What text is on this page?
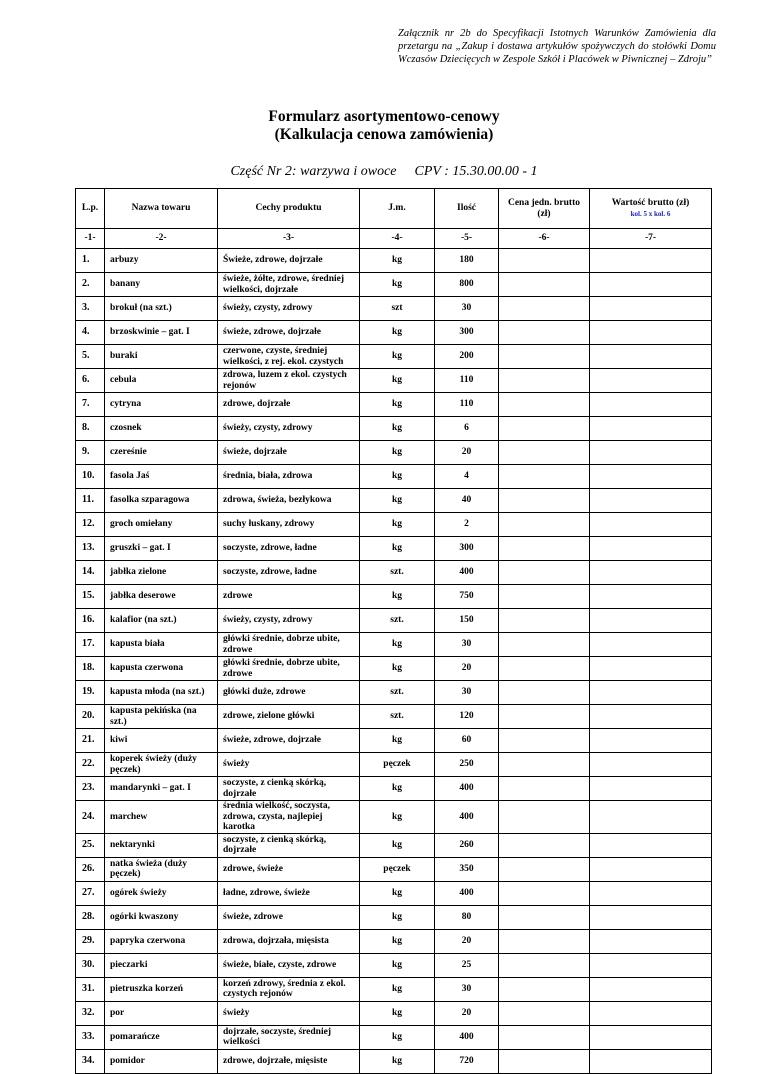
Załącznik nr 2b do Specyfikacji Istotnych Warunków Zamówienia dla przetargu na „Zakup i dostawa artykułów spożywczych do stołówki Domu Wczasów Dziecięcych w Zespole Szkół i Placówek w Piwnicznej – Zdroju”
Formularz asortymentowo-cenowy
(Kalkulacja cenowa zamówienia)
Część Nr 2: warzywa i owoce CPV : 15.30.00.00 - 1
L.p.	Nazwa towaru	Cechy produktu	J.m.	Ilość	Cena jedn. brutto (zł)	Wartość brutto (zł)
kol. 5 x kol. 6

-1-	-2-	-3-	-4-	-5-	-6-	-7-
1.	arbuzy	Świeże, zdrowe, dojrzałe	kg	180		
2.	banany	świeże, żółte, zdrowe, średniej wielkości, dojrzałe	kg	800		
3.	brokuł (na szt.)	świeży, czysty, zdrowy	szt	30		
4.	brzoskwinie – gat. I	świeże, zdrowe, dojrzałe	kg	300		
5.	buraki	czerwone, czyste, średniej wielkości, z rej. ekol. czystych	kg	200		
6.	cebula	zdrowa, luzem z ekol. czystych rejonów	kg	110		
7.	cytryna	zdrowe, dojrzałe	kg	110		
8.	czosnek	świeży, czysty, zdrowy	kg	6		
9.	czereśnie	świeże, dojrzałe	kg	20		
10.	fasola Jaś	średnia, biała, zdrowa	kg	4		
11.	fasolka szparagowa	zdrowa, świeża, bezłykowa	kg	40		
12.	groch omiełany	suchy łuskany, zdrowy	kg	2		
13.	gruszki – gat. I	soczyste, zdrowe, ładne	kg	300		
14.	jabłka zielone	soczyste, zdrowe, ładne	szt.	400		
15.	jabłka deserowe	zdrowe	kg	750		
16.	kalafior (na szt.)	świeży, czysty, zdrowy	szt.	150		
17.	kapusta biała	główki średnie, dobrze ubite, zdrowe	kg	30		
18.	kapusta czerwona	główki średnie, dobrze ubite, zdrowe	kg	20		
19.	kapusta młoda (na szt.)	główki duże, zdrowe	szt.	30		
20.	kapusta pekińska (na szt.)	zdrowe, zielone główki	szt.	120		
21.	kiwi	świeże, zdrowe, dojrzałe	kg	60		
22.	koperek świeży (duży pęczek)	świeży	pęczek	250		
23.	mandarynki – gat. I	soczyste, z cienką skórką, dojrzałe	kg	400		
24.	marchew	średnia wielkość, soczysta, zdrowa, czysta, najlepiej karotka	kg	400		
25.	nektarynki	soczyste, z cienką skórką, dojrzałe	kg	260		
26.	natka świeża (duży pęczek)	zdrowe, świeże	pęczek	350		
27.	ogórek świeży	ładne, zdrowe, świeże	kg	400		
28.	ogórki kwaszony	świeże, zdrowe	kg	80		
29.	papryka czerwona	zdrowa, dojrzała, mięsista	kg	20		
30.	pieczarki	świeże, białe, czyste, zdrowe	kg	25		
31.	pietruszka korzeń	korzeń zdrowy, średnia z ekol. czystych rejonów	kg	30		
32.	por	świeży	kg	20		
33.	pomarańcze	dojrzałe, soczyste, średniej wielkości	kg	400		
34.	pomidor	zdrowe, dojrzałe, mięsiste	kg	720		
